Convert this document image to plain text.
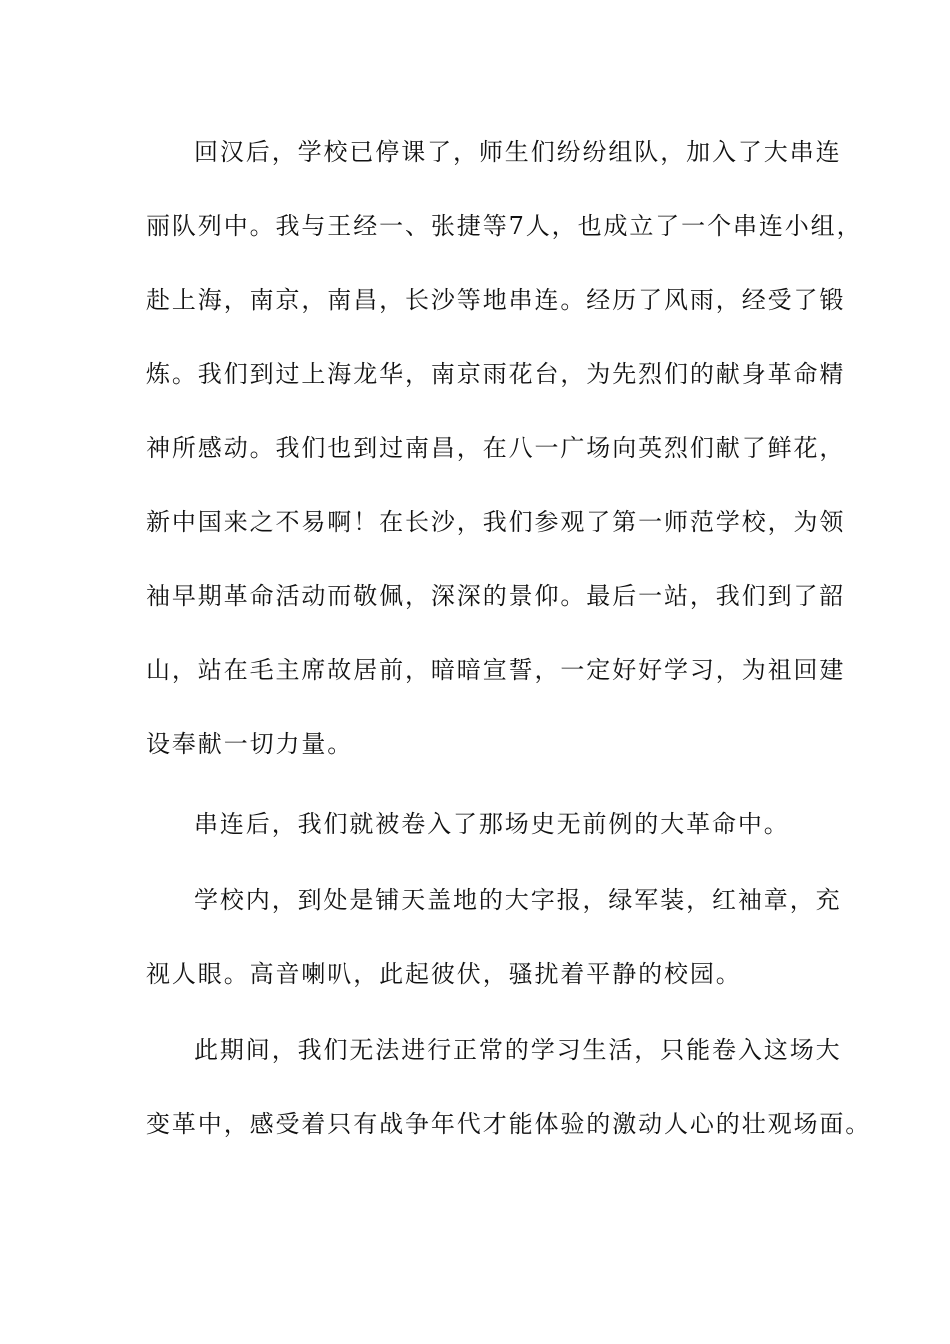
回汉后，学校已停课了，师生们纷纷组队，加入了大串连
丽队列中。我与王经一、张捷等7人，也成立了一个串连小组，
赴上海，南京，南昌，长沙等地串连。经历了风雨，经受了锻
炼。我们到过上海龙华，南京雨花台，为先烈们的献身革命精
神所感动。我们也到过南昌，在八一广场向英烈们献了鲜花，
新中国来之不易啊！在长沙，我们参观了第一师范学校，为领
袖早期革命活动而敬佩，深深的景仰。最后一站，我们到了韶
山，站在毛主席故居前，暗暗宣誓，一定好好学习，为祖回建
设奉献一切力量。
串连后，我们就被卷入了那场史无前例的大革命中。
学校内，到处是铺天盖地的大字报，绿军装，红袖章，充
视人眼。高音喇叭，此起彼伏，骚扰着平静的校园。
此期间，我们无法进行正常的学习生活，只能卷入这场大
变革中，感受着只有战争年代才能体验的激动人心的壮观场面。
